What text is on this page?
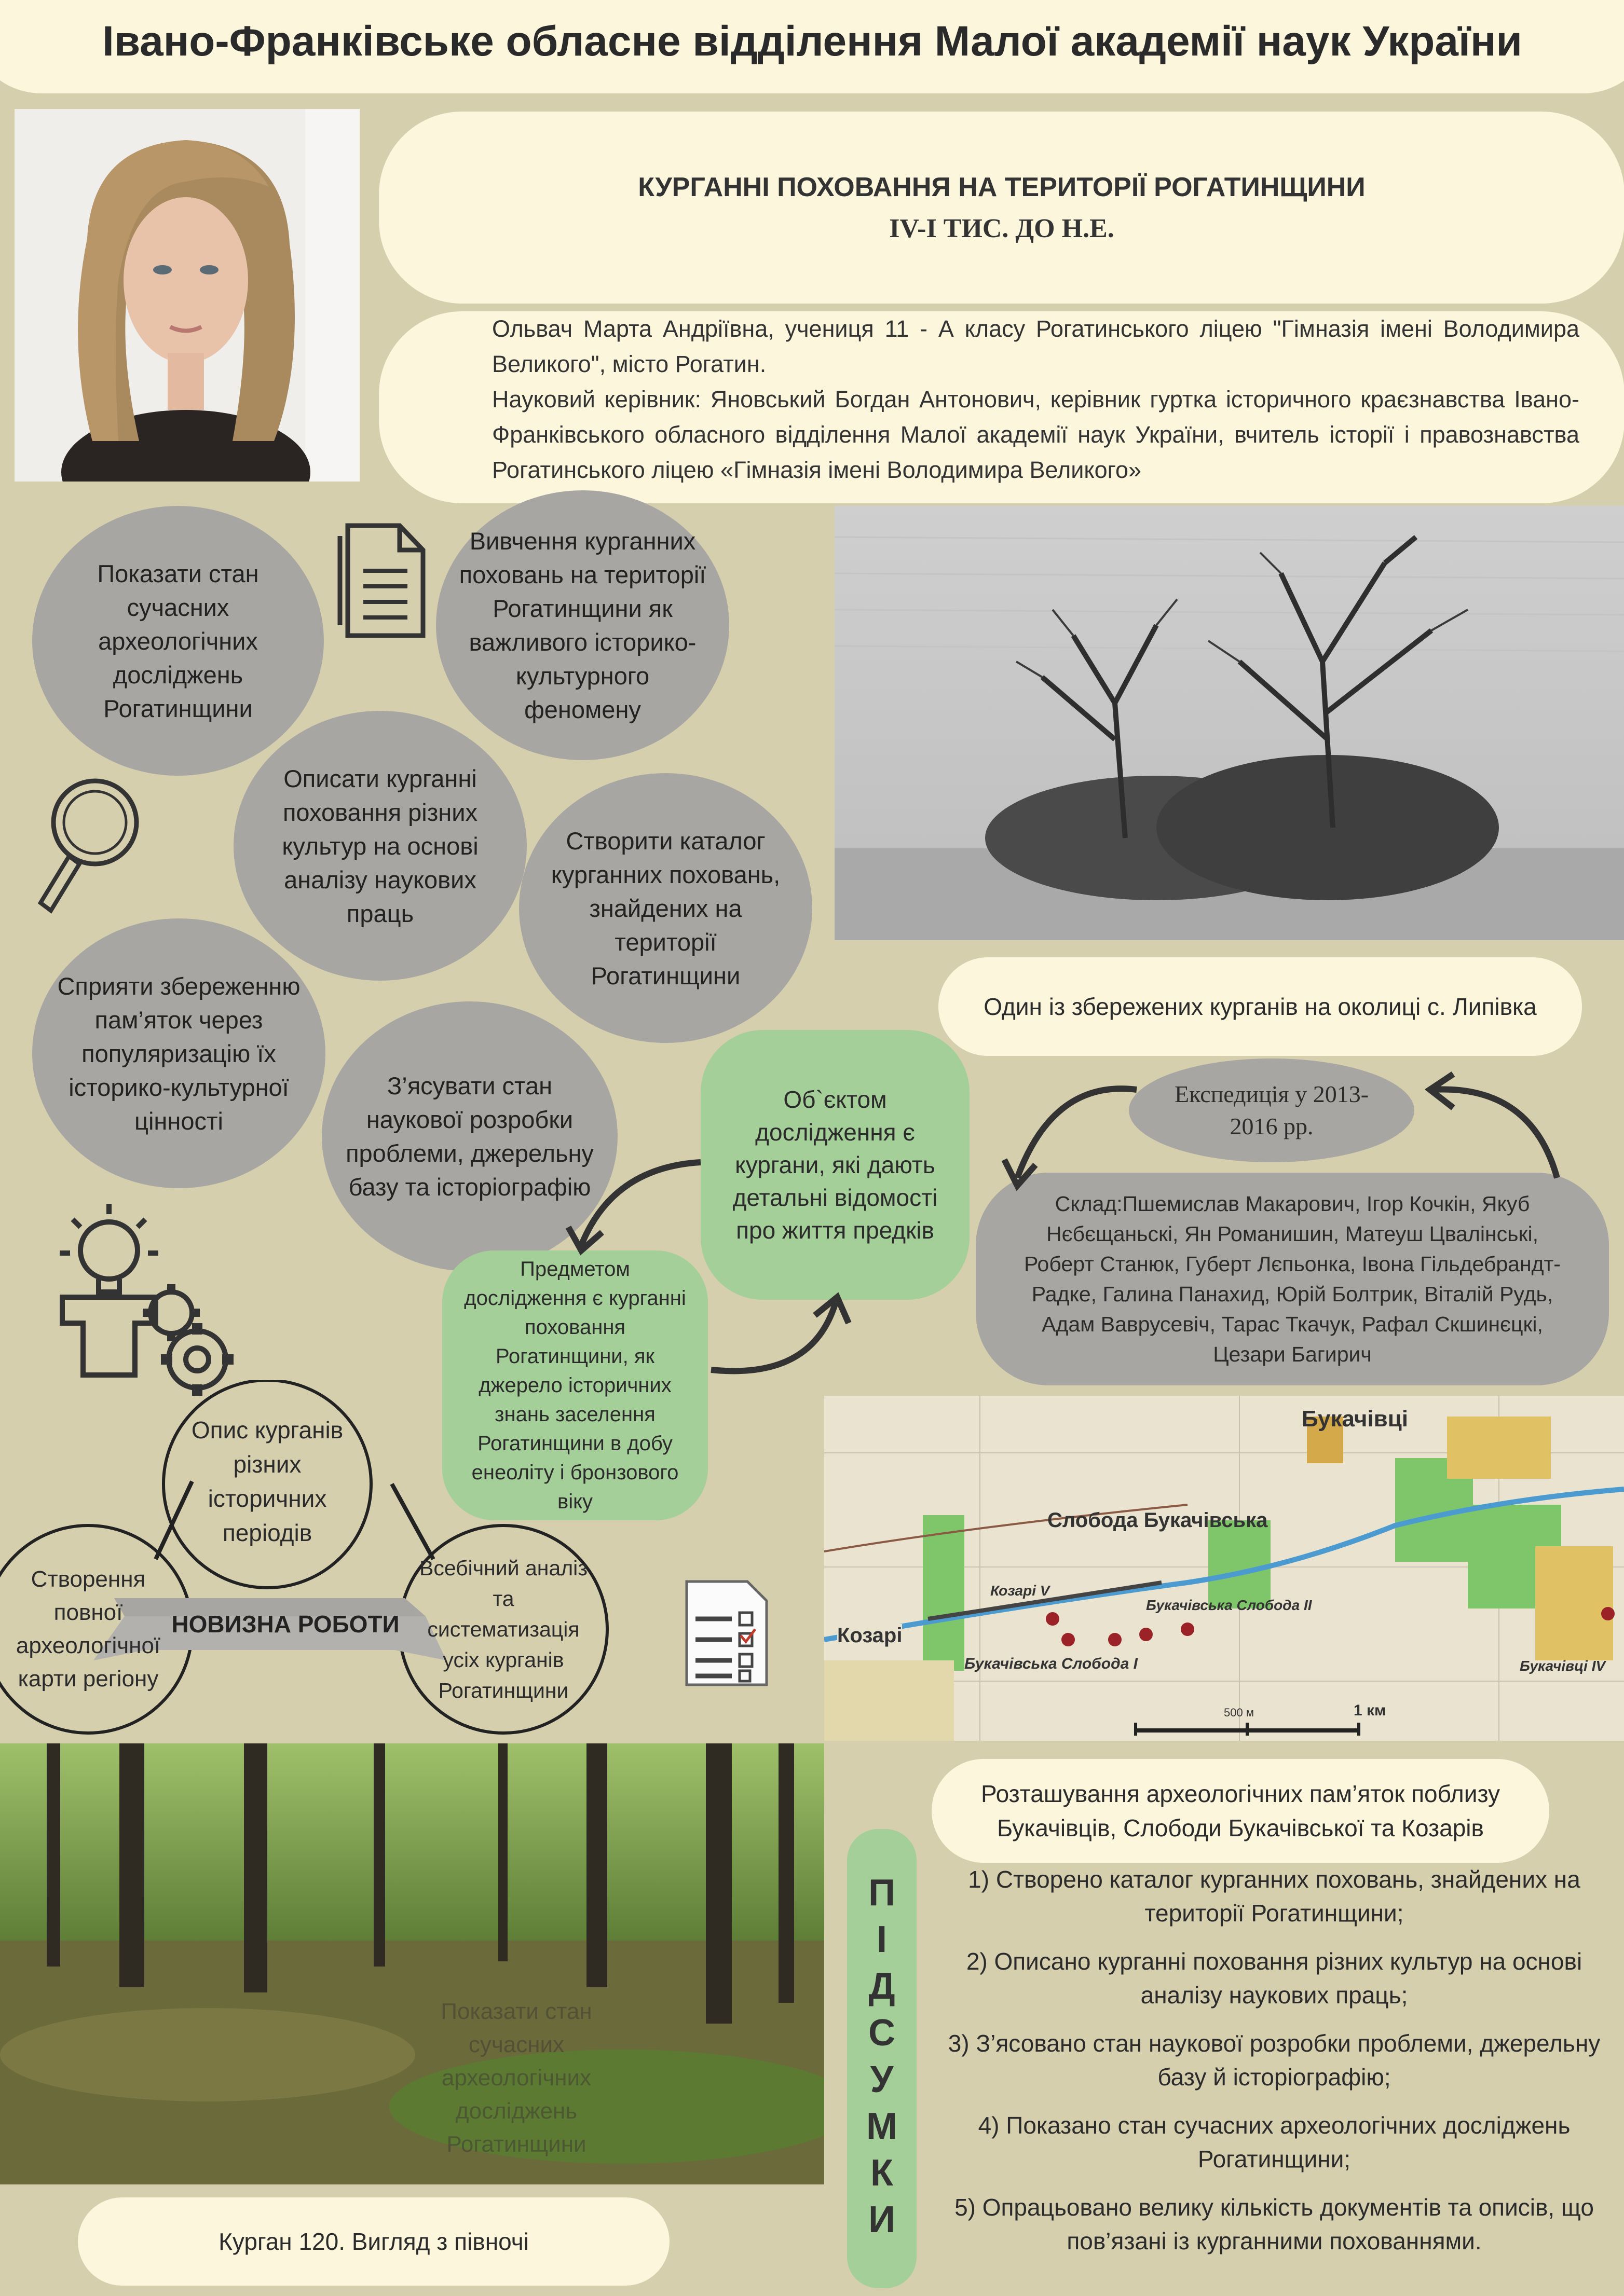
Івано-Франківське обласне відділення Малої академії наук України
КУРГАННІ ПОХОВАННЯ НА ТЕРИТОРІЇ РОГАТИНЩИНИ
IV-I ТИС. ДО Н.Е.
Ольвач Марта Андріївна, учениця 11 - А класу Рогатинського ліцею "Гімназія імені Володимира Великого", місто Рогатин.
Науковий керівник: Яновський Богдан Антонович, керівник гуртка історичного краєзнавства Івано-Франківського обласного відділення Малої академії наук України, вчитель історії і правознавства Рогатинського ліцею «Гімназія імені Володимира Великого»
Показати стан сучасних археологічних досліджень Рогатинщини
Вивчення курганних поховань на території Рогатинщини як важливого історико-культурного феномену
Описати курганні поховання різних культур на основі аналізу наукових праць
Створити каталог курганних поховань, знайдених на території Рогатинщини
Сприяти збереженню пам’яток через популяризацію їх історико-культурної цінності
З’ясувати стан наукової розробки проблеми, джерельну базу та історіографію
Один із збережених курганів на околиці с. Липівка
Об`єктом дослідження є кургани, які дають детальні відомості про життя предків
Предметом дослідження є курганні поховання Рогатинщини, як джерело історичних знань заселення Рогатинщини в добу енеоліту і бронзового віку
Експедиція у 2013-2016 рр.
Склад:Пшемислав Макарович, Ігор Кочкін, Якуб Нєбєщаньскі, Ян Романишин, Матеуш Цвалінські, Роберт Станюк, Губерт Лєпьонка, Івона Гільдебрандт-Радке, Галина Панахид, Юрій Болтрик, Віталій Рудь, Адам Ваврусевіч, Тарас Ткачук, Рафал Скшинєцкі, Цезари Багирич
Опис курганів різних історичних періодів
Створення повної археологічної карти регіону
Всебічний аналіз та систематизація усіх курганів Рогатинщини
НОВИЗНА РОБОТИ
Букачівці
Слобода Букачівська
Козарі V
Букачівська Слобода II
Козарі
Букачівська Слобода I	Букачівці IV
500 м	1 км
Показати стан сучасних археологічних досліджень Рогатинщини
Курган 120. Вигляд з півночі
Розташування археологічних пам’яток поблизу Букачівців, Слободи Букачівської та Козарів
ПІДСУМКИ	1) Створено каталог курганних поховань, знайдених на території Рогатинщини;
2) Описано курганні поховання різних культур на основі аналізу наукових праць;
3) З’ясовано стан наукової розробки проблеми, джерельну базу й історіографію;
4) Показано стан сучасних археологічних досліджень Рогатинщини;
5) Опрацьовано велику кількість документів та описів, що пов’язані із курганними похованнями.
